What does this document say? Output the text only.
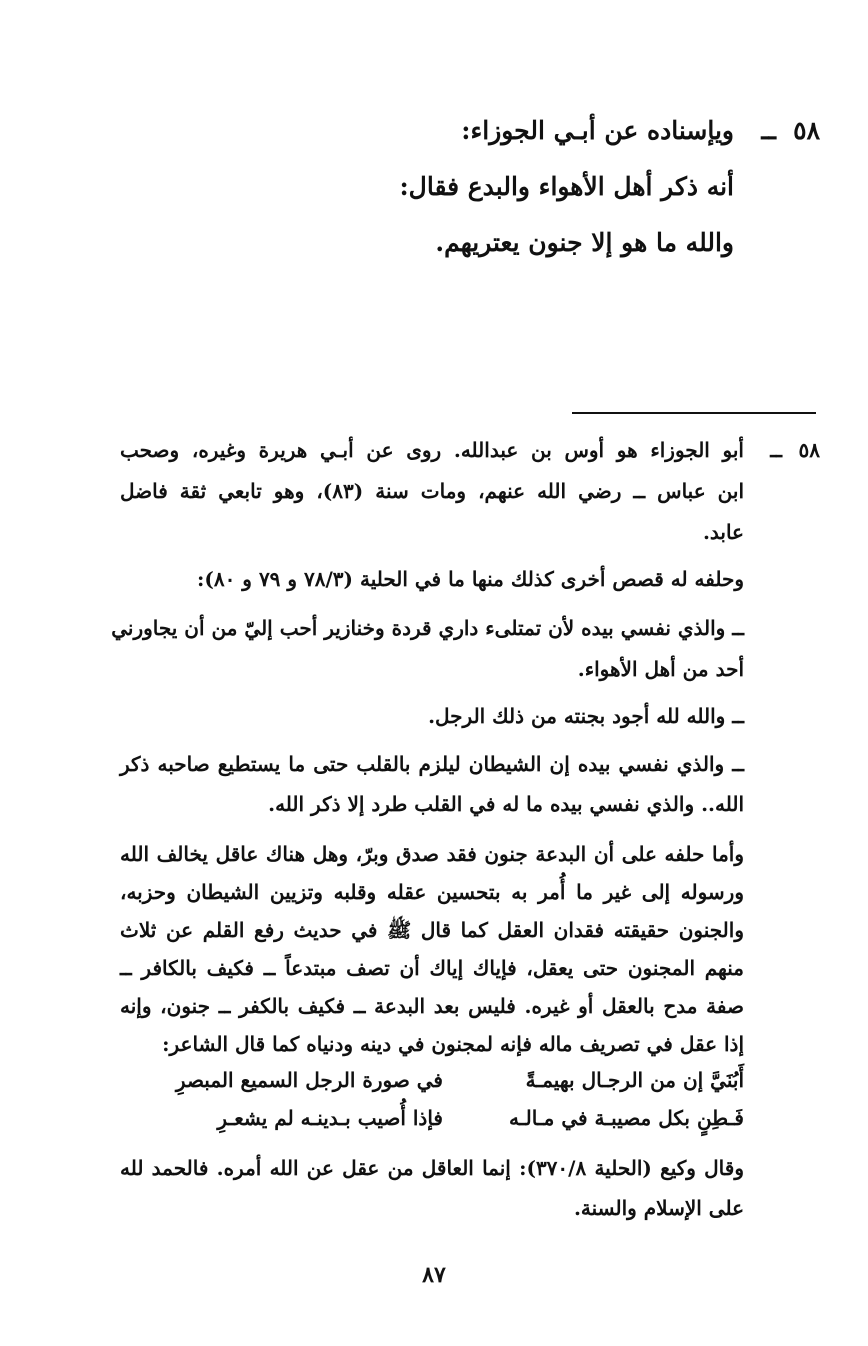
٥٨
ــ
ويإسناده عن أبـي الجوزاء:
أنه ذكر أهل الأهواء والبدع فقال:
والله ما هو إلا جنون يعتريهم.
٥٨
ــ
أبو الجوزاء هو أوس بن عبدالله. روى عن أبـي هريرة وغيره، وصحب
ابن عباس ــ رضي الله عنهم، ومات سنة (٨٣)، وهو تابعي ثقة فاضل
عابد.
وحلفه له قصص أخرى كذلك منها ما في الحلية (٧٨/٣ و ٧٩ و ٨٠):
ــ والذي نفسي بيده لأن تمتلىء داري قردة وخنازير أحب إليّ من أن يجاورني
أحد من أهل الأهواء.
ــ والله لله أجود بجنته من ذلك الرجل.
ــ والذي نفسي بيده إن الشيطان ليلزم بالقلب حتى ما يستطيع صاحبه ذكر
الله.. والذي نفسي بيده ما له في القلب طرد إلا ذكر الله.
وأما حلفه على أن البدعة جنون فقد صدق وبرّ، وهل هناك عاقل يخالف الله
ورسوله إلى غير ما أُمر به بتحسين عقله وقلبه وتزيين الشيطان وحزبه،
والجنون حقيقته فقدان العقل كما قال ﷺ في حديث رفع القلم عن ثلاث
منهم المجنون حتى يعقل، فإياك إياك أن تصف مبتدعاً ــ فكيف بالكافر ــ
صفة مدح بالعقل أو غيره. فليس بعد البدعة ــ فكيف بالكفر ــ جنون، وإنه
إذا عقل في تصريف ماله فإنه لمجنون في دينه ودنياه كما قال الشاعر:
أَبُنَيَّ إن من الرجـال بهيمـةً
في صورة الرجل السميع المبصرِ
فَـطِنٍ بكل مصيبـة في مـالـه
فإذا أُصيب بـدينـه لم يشعـرِ
وقال وكيع (الحلية ٣٧٠/٨): إنما العاقل من عقل عن الله أمره. فالحمد لله
على الإسلام والسنة.
٨٧
